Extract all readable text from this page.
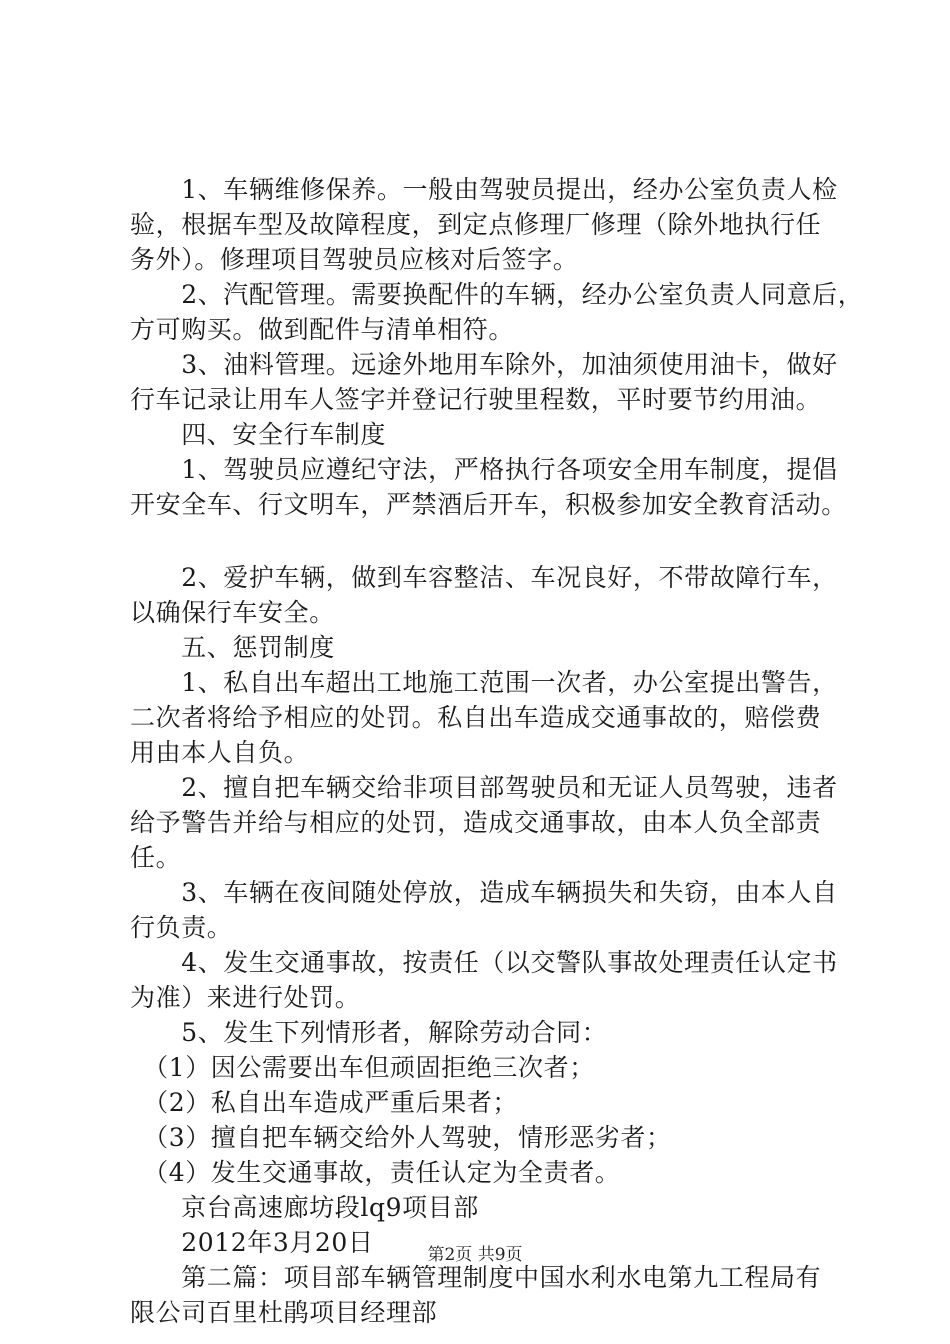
　　1、车辆维修保养。一般由驾驶员提出，经办公室负责人检
验，根据车型及故障程度，到定点修理厂修理（除外地执行任
务外）。修理项目驾驶员应核对后签字。
　　2、汽配管理。需要换配件的车辆，经办公室负责人同意后，
方可购买。做到配件与清单相符。
　　3、油料管理。远途外地用车除外，加油须使用油卡，做好
行车记录让用车人签字并登记行驶里程数，平时要节约用油。
　　四、安全行车制度
　　1、驾驶员应遵纪守法，严格执行各项安全用车制度，提倡
开安全车、行文明车，严禁酒后开车，积极参加安全教育活动。
　　2、爱护车辆，做到车容整洁、车况良好，不带故障行车，
以确保行车安全。
　　五、惩罚制度
　　1、私自出车超出工地施工范围一次者，办公室提出警告，
二次者将给予相应的处罚。私自出车造成交通事故的，赔偿费
用由本人自负。
　　2、擅自把车辆交给非项目部驾驶员和无证人员驾驶，违者
给予警告并给与相应的处罚，造成交通事故，由本人负全部责
任。
　　3、车辆在夜间随处停放，造成车辆损失和失窃，由本人自
行负责。
　　4、发生交通事故，按责任（以交警队事故处理责任认定书
为准）来进行处罚。
　　5、发生下列情形者，解除劳动合同：
　（1）因公需要出车但顽固拒绝三次者；
　（2）私自出车造成严重后果者；
　（3）擅自把车辆交给外人驾驶，情形恶劣者；
　（4）发生交通事故，责任认定为全责者。
　　京台高速廊坊段lq9项目部
　　2012年3月20日
　　第二篇：项目部车辆管理制度中国水利水电第九工程局有
限公司百里杜鹃项目经理部
第2页 共9页
